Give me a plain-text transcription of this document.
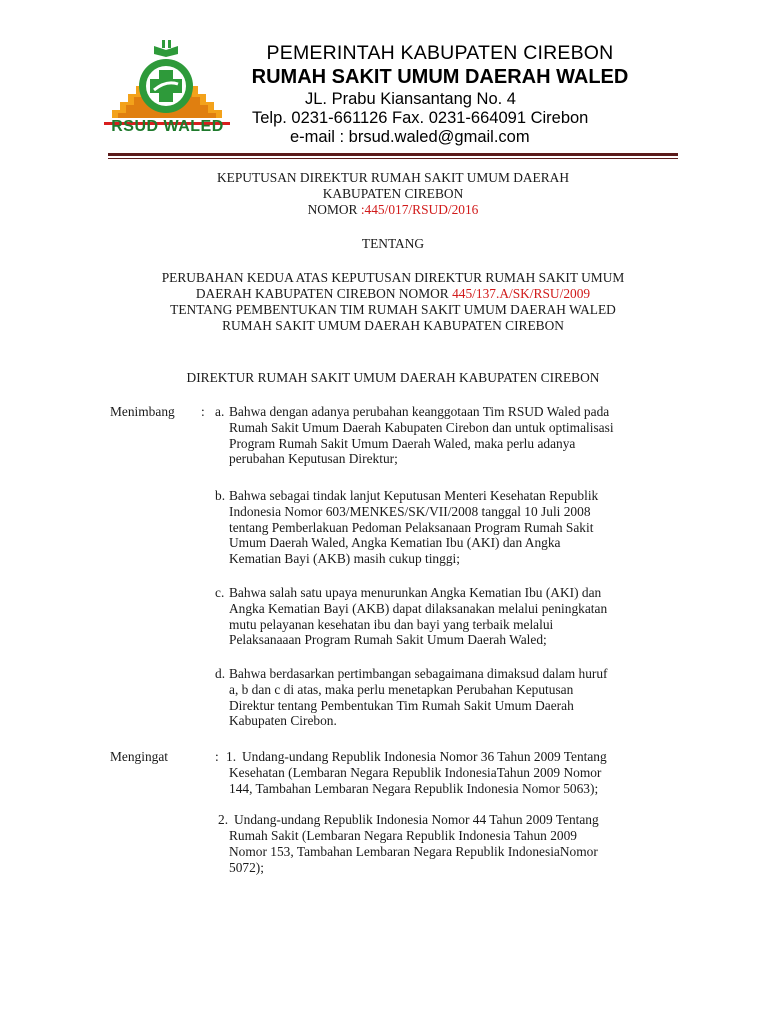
RSUD WALED
PEMERINTAH KABUPATEN CIREBON
RUMAH SAKIT UMUM DAERAH WALED
JL. Prabu Kiansantang No. 4
Telp. 0231-661126 Fax. 0231-664091 Cirebon
e-mail : brsud.waled@gmail.com
KEPUTUSAN DIREKTUR RUMAH SAKIT UMUM DAERAH
KABUPATEN CIREBON
NOMOR :445/017/RSUD/2016
TENTANG
PERUBAHAN KEDUA ATAS KEPUTUSAN DIREKTUR RUMAH SAKIT UMUM
DAERAH KABUPATEN CIREBON NOMOR 445/137.A/SK/RSU/2009
TENTANG PEMBENTUKAN TIM RUMAH SAKIT UMUM DAERAH WALED
RUMAH SAKIT UMUM DAERAH KABUPATEN CIREBON
DIREKTUR RUMAH SAKIT UMUM DAERAH KABUPATEN CIREBON
Menimbang : a. Bahwa dengan adanya perubahan keanggotaan Tim RSUD Waled pada

Rumah Sakit Umum Daerah Kabupaten Cirebon dan untuk optimalisasi

Program Rumah Sakit Umum Daerah Waled, maka perlu adanya

perubahan Keputusan Direktur;

b. Bahwa sebagai tindak lanjut Keputusan Menteri Kesehatan Republik

Indonesia Nomor 603/MENKES/SK/VII/2008 tanggal 10 Juli 2008

tentang Pemberlakuan Pedoman Pelaksanaan Program Rumah Sakit

Umum Daerah Waled, Angka Kematian Ibu (AKI) dan Angka

Kematian Bayi (AKB) masih cukup tinggi;

c. Bahwa salah satu upaya menurunkan Angka Kematian Ibu (AKI) dan

Angka Kematian Bayi (AKB) dapat dilaksanakan melalui peningkatan

mutu pelayanan kesehatan ibu dan bayi yang terbaik melalui

Pelaksanaaan Program Rumah Sakit Umum Daerah Waled;

d. Bahwa berdasarkan pertimbangan sebagaimana dimaksud dalam huruf

a, b dan c di atas, maka perlu menetapkan Perubahan Keputusan

Direktur tentang Pembentukan Tim Rumah Sakit Umum Daerah

Kabupaten Cirebon.

Mengingat	: 1. Undang-undang Republik Indonesia Nomor 36 Tahun 2009 Tentang

Kesehatan (Lembaran Negara Republik IndonesiaTahun 2009 Nomor

144, Tambahan Lembaran Negara Republik Indonesia Nomor 5063);

2. Undang-undang Republik Indonesia Nomor 44 Tahun 2009 Tentang

Rumah Sakit (Lembaran Negara Republik Indonesia Tahun 2009

Nomor 153, Tambahan Lembaran Negara Republik IndonesiaNomor

5072);
